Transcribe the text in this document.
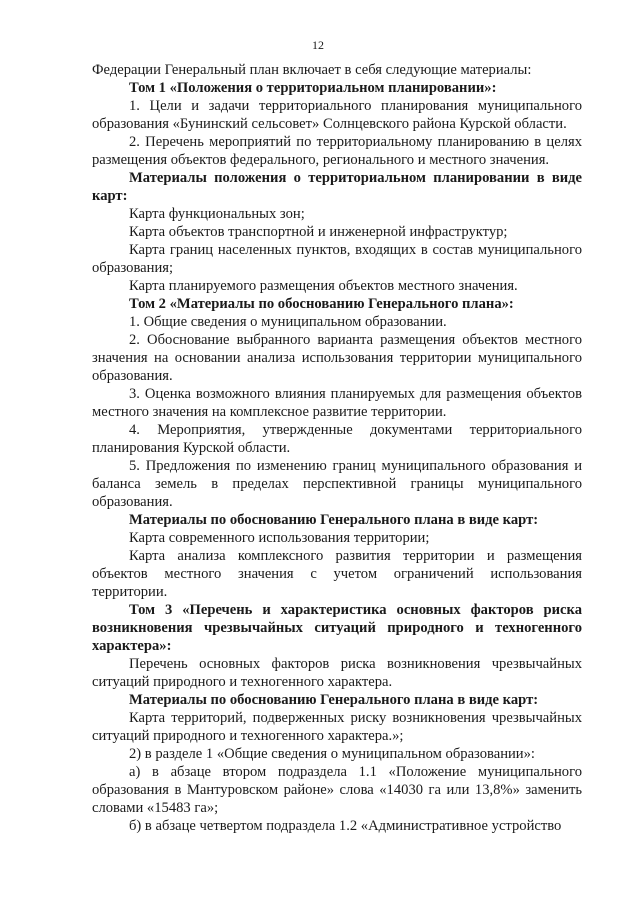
12

Федерации Генеральный план включает в себя следующие материалы:

Том 1 «Положения о территориальном планировании»:

1. Цели и задачи территориального планирования муниципального образования «Бунинский сельсовет» Солнцевского района Курской области.

2. Перечень мероприятий по территориальному планированию в целях размещения объектов федерального, регионального и местного значения.

Материалы положения о территориальном планировании в виде карт:

Карта функциональных зон;

Карта объектов транспортной и инженерной инфраструктур;

Карта границ населенных пунктов, входящих в состав муниципального образования;

Карта планируемого размещения объектов местного значения.

Том 2 «Материалы по обоснованию Генерального плана»:

1. Общие сведения о муниципальном образовании.

2. Обоснование выбранного варианта размещения объектов местного значения на основании анализа использования территории муниципального образования.

3. Оценка возможного влияния планируемых для размещения объектов местного значения на комплексное развитие территории.

4. Мероприятия, утвержденные документами территориального планирования Курской области.

5. Предложения по изменению границ муниципального образования и баланса земель в пределах перспективной границы муниципального образования.

Материалы по обоснованию Генерального плана в виде карт:

Карта современного использования территории;

Карта анализа комплексного развития территории и размещения объектов местного значения с учетом ограничений использования территории.

Том 3 «Перечень и характеристика основных факторов риска возникновения чрезвычайных ситуаций природного и техногенного характера»:

Перечень основных факторов риска возникновения чрезвычайных ситуаций природного и техногенного характера.

Материалы по обоснованию Генерального плана в виде карт:

Карта территорий, подверженных риску возникновения чрезвычайных ситуаций природного и техногенного характера.»;

2) в разделе 1 «Общие сведения о муниципальном образовании»:

а) в абзаце втором подраздела 1.1 «Положение муниципального образования в Мантуровском районе» слова «14030 га или 13,8%» заменить словами «15483 га»;

б) в абзаце четвертом подраздела 1.2 «Административное устройство
